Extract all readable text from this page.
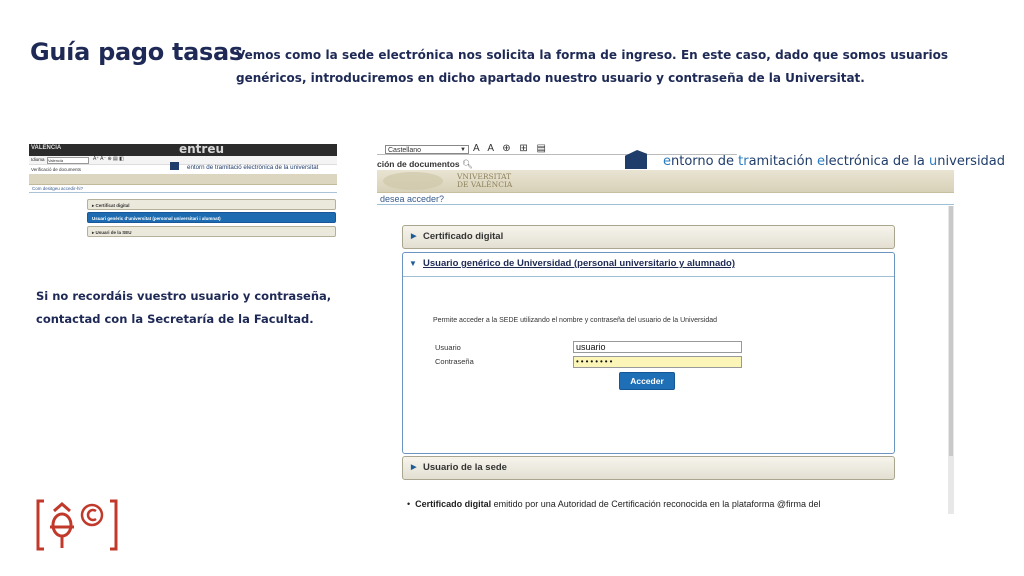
Guía pago tasas

Vemos como la sede electrónica nos solicita la forma de ingreso. En este caso, dado que somos usuarios genéricos, introduciremos en dicho apartado nuestro usuario y contraseña de la Universitat.

VALÈNCIA	entreu
Idioma Valencià	A⁺ A⁻ ⊕ ▤ ◧
Verificació de documents	entorn de tramitació electrònica de la universitat
Com desitgeu accedir-hi?
▸ Certificat digital
Usuari genèric d'universitat (personal universitari i alumnat)
▸ Usuari de la SEU

Si no recordáis vuestro usuario y contraseña,

contactad con la Secretaría de la Facultad.

Castellano	▼ A A ⊕ ⊞ ▤
ción de documentos 🔍︎	entorno de tramitación electrónica de la universidad
VNIVERSITAT
DE VALÈNCIA
desea acceder?
▶ Certificado digital
▼ Usuario genérico de Universidad (personal universitario y alumnado)
Permite acceder a la SEDE utilizando el nombre y contraseña del usuario de la Universidad
Usuario	usuario
Contraseña	••••••••
Acceder
▶ Usuario de la sede
•  Certificado digital emitido por una Autoridad de Certificación reconocida en la plataforma @firma del
